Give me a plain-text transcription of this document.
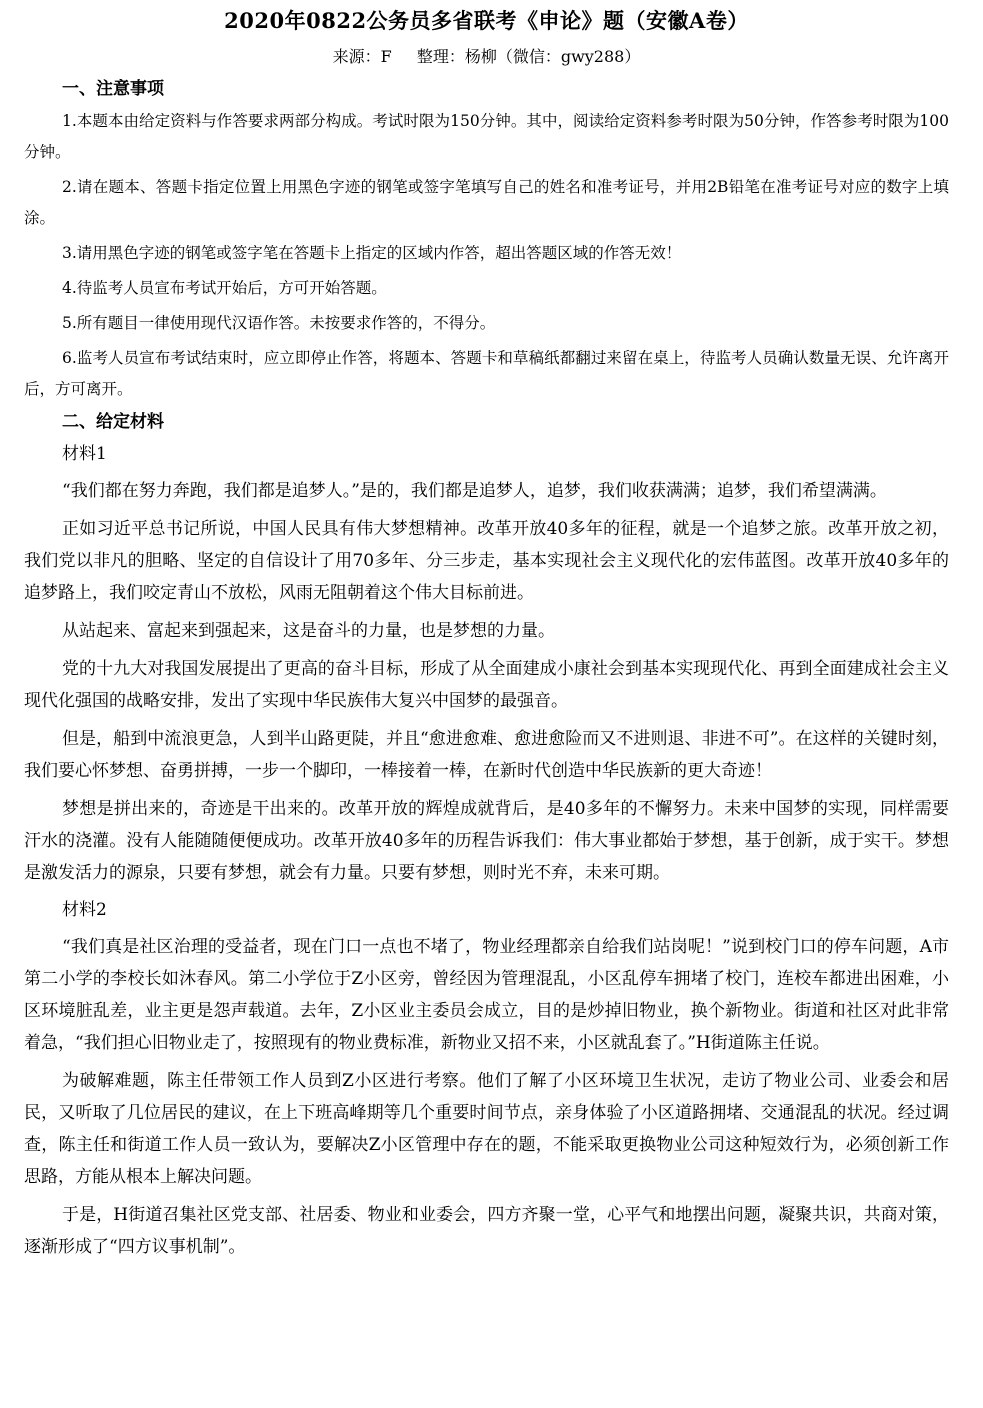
2020年0822公务员多省联考《申论》题（安徽A卷）
来源：F 整理：杨柳（微信：gwy288）
一、注意事项

1.本题本由给定资料与作答要求两部分构成。考试时限为150分钟。其中，阅读给定资料参考时限为50分钟，作答参考时限为100分钟。

2.请在题本、答题卡指定位置上用黑色字迹的钢笔或签字笔填写自己的姓名和准考证号，并用2B铅笔在准考证号对应的数字上填涂。

3.请用黑色字迹的钢笔或签字笔在答题卡上指定的区域内作答，超出答题区域的作答无效！

4.待监考人员宣布考试开始后，方可开始答题。

5.所有题目一律使用现代汉语作答。未按要求作答的，不得分。

6.监考人员宣布考试结束时，应立即停止作答，将题本、答题卡和草稿纸都翻过来留在桌上，待监考人员确认数量无误、允许离开后，方可离开。

二、给定材料
材料1

“我们都在努力奔跑，我们都是追梦人。”是的，我们都是追梦人，追梦，我们收获满满；追梦，我们希望满满。

正如习近平总书记所说，中国人民具有伟大梦想精神。改革开放40多年的征程，就是一个追梦之旅。改革开放之初，我们党以非凡的胆略、坚定的自信设计了用70多年、分三步走，基本实现社会主义现代化的宏伟蓝图。改革开放40多年的追梦路上，我们咬定青山不放松，风雨无阻朝着这个伟大目标前进。

从站起来、富起来到强起来，这是奋斗的力量，也是梦想的力量。

党的十九大对我国发展提出了更高的奋斗目标，形成了从全面建成小康社会到基本实现现代化、再到全面建成社会主义现代化强国的战略安排，发出了实现中华民族伟大复兴中国梦的最强音。

但是，船到中流浪更急，人到半山路更陡，并且“愈进愈难、愈进愈险而又不进则退、非进不可”。在这样的关键时刻，我们要心怀梦想、奋勇拼搏，一步一个脚印，一棒接着一棒，在新时代创造中华民族新的更大奇迹！

梦想是拼出来的，奇迹是干出来的。改革开放的辉煌成就背后，是40多年的不懈努力。未来中国梦的实现，同样需要汗水的浇灌。没有人能随随便便成功。改革开放40多年的历程告诉我们：伟大事业都始于梦想，基于创新，成于实干。梦想是激发活力的源泉，只要有梦想，就会有力量。只要有梦想，则时光不弃，未来可期。

材料2

“我们真是社区治理的受益者，现在门口一点也不堵了，物业经理都亲自给我们站岗呢！”说到校门口的停车问题，A市第二小学的李校长如沐春风。第二小学位于Z小区旁，曾经因为管理混乱，小区乱停车拥堵了校门，连校车都进出困难，小区环境脏乱差，业主更是怨声载道。去年，Z小区业主委员会成立，目的是炒掉旧物业，换个新物业。街道和社区对此非常着急，“我们担心旧物业走了，按照现有的物业费标准，新物业又招不来，小区就乱套了。”H街道陈主任说。

为破解难题，陈主任带领工作人员到Z小区进行考察。他们了解了小区环境卫生状况，走访了物业公司、业委会和居民，又听取了几位居民的建议，在上下班高峰期等几个重要时间节点，亲身体验了小区道路拥堵、交通混乱的状况。经过调查，陈主任和街道工作人员一致认为，要解决Z小区管理中存在的题，不能采取更换物业公司这种短效行为，必须创新工作思路，方能从根本上解决问题。

于是，H街道召集社区党支部、社居委、物业和业委会，四方齐聚一堂，心平气和地摆出问题，凝聚共识，共商对策，逐渐形成了“四方议事机制”。
